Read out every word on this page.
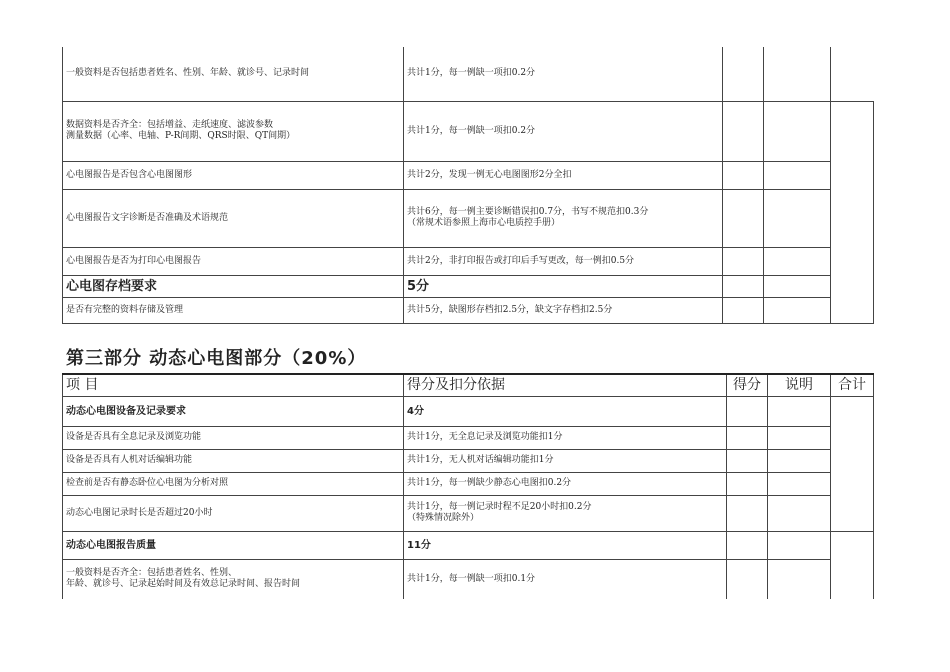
一般资料是否包括患者姓名、性别、年龄、就诊号、记录时间	共计1分，每一例缺一项扣0.2分			
数据资料是否齐全：包括增益、走纸速度、滤波参数
测量数据（心率、电轴、P-R间期、QRS时限、QT间期）	共计1分，每一例缺一项扣0.2分			
心电图报告是否包含心电图图形	共计2分，发现一例无心电图图形2分全扣			
心电图报告文字诊断是否准确及术语规范	共计6分，每一例主要诊断错误扣0.7分，书写不规范扣0.3分
（常规术语参照上海市心电质控手册）			
心电图报告是否为打印心电图报告	共计2分，非打印报告或打印后手写更改，每一例扣0.5分			
心电图存档要求	5分			
是否有完整的资料存储及管理	共计5分，缺图形存档扣2.5分，缺文字存档扣2.5分			
第三部分 动态心电图部分（20%）
项 目	得分及扣分依据	得分	说明	合计
动态心电图设备及记录要求	4分			
设备是否具有全息记录及浏览功能	共计1分，无全息记录及浏览功能扣1分			
设备是否具有人机对话编辑功能	共计1分，无人机对话编辑功能扣1分			
检查前是否有静态卧位心电图为分析对照	共计1分，每一例缺少静态心电图扣0.2分			
动态心电图记录时长是否超过20小时	共计1分，每一例记录时程不足20小时扣0.2分
（特殊情况除外）			
动态心电图报告质量	11分			
一般资料是否齐全：包括患者姓名、性别、
年龄、就诊号、记录起始时间及有效总记录时间、报告时间	共计1分，每一例缺一项扣0.1分			
